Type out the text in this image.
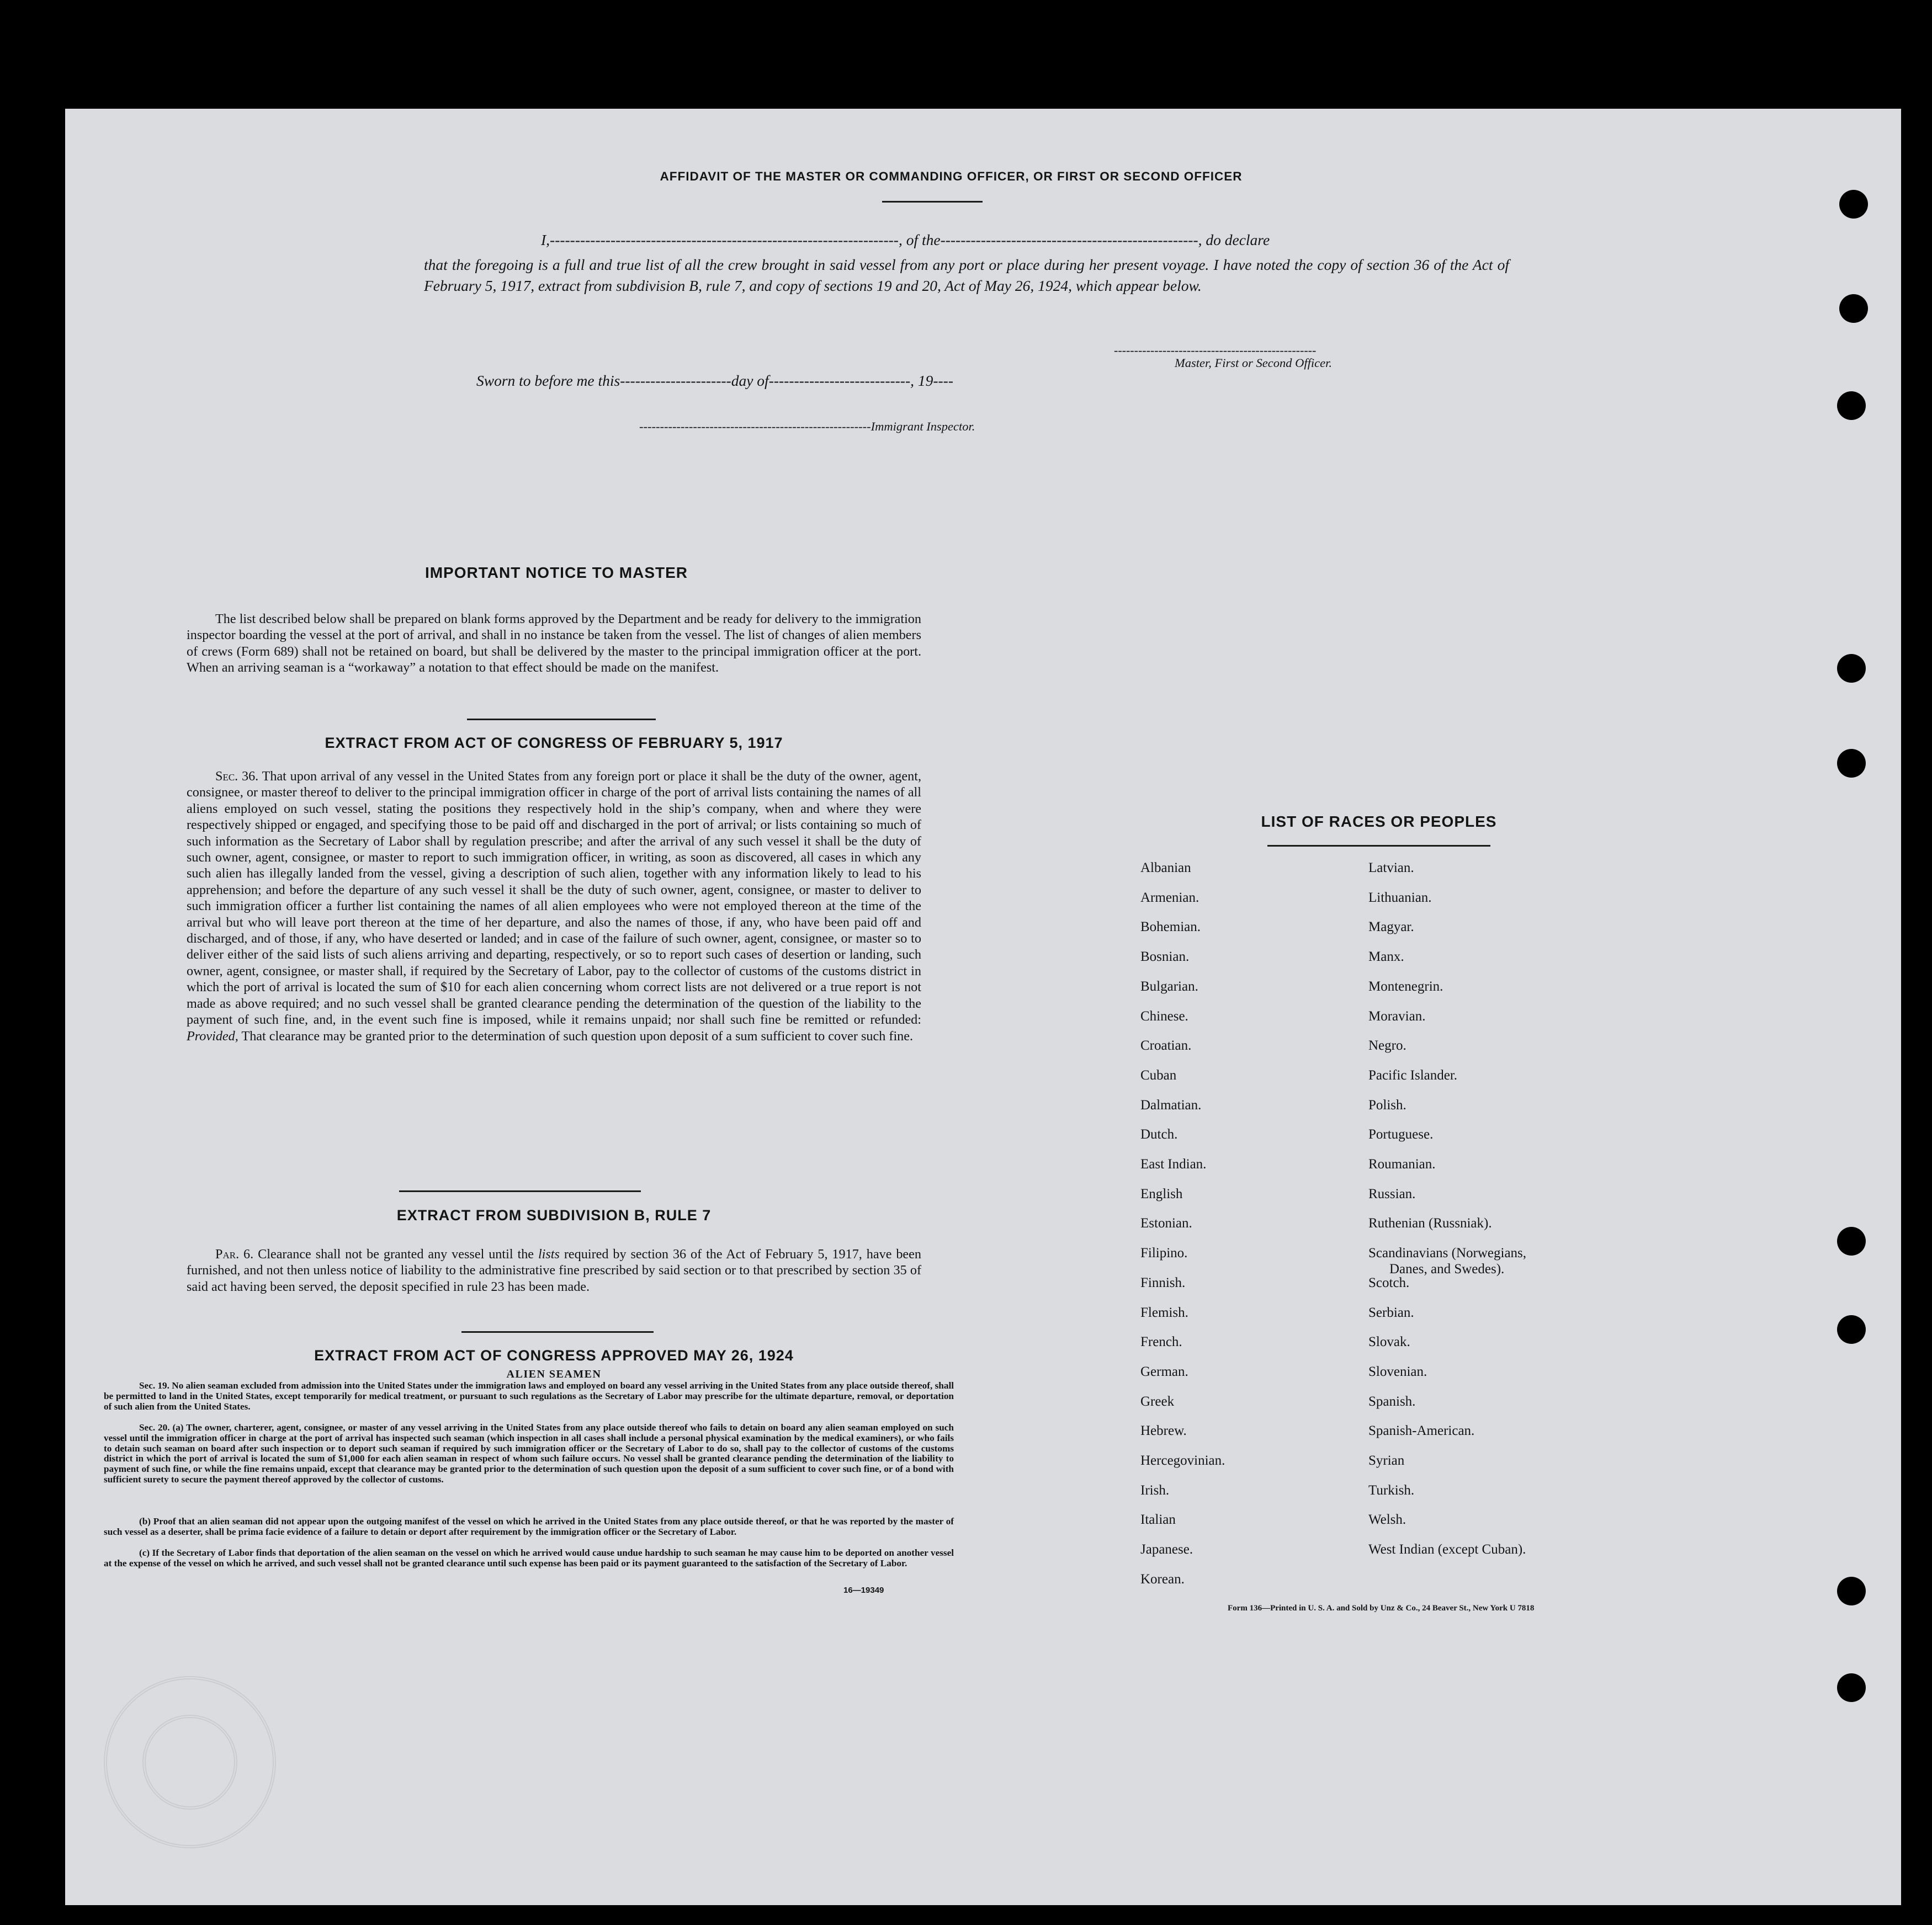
AFFIDAVIT OF THE MASTER OR COMMANDING OFFICER, OR FIRST OR SECOND OFFICER
I,---------------------------------------------------------------------, of the---------------------------------------------------, do declare
that the foregoing is a full and true list of all the crew brought in said vessel from any port or place during her present voyage. I have noted the copy of section 36 of the Act of February 5, 1917, extract from subdivision B, rule 7, and copy of sections 19 and 20, Act of May 26, 1924, which appear below.
--------------------------------------------------
Master, First or Second Officer.
Sworn to before me this----------------------day of----------------------------, 19----
--------------------------------------------------------Immigrant Inspector.
IMPORTANT NOTICE TO MASTER
The list described below shall be prepared on blank forms approved by the Department and be ready for delivery to the immigration inspector boarding the vessel at the port of arrival, and shall in no instance be taken from the vessel. The list of changes of alien members of crews (Form 689) shall not be retained on board, but shall be delivered by the master to the principal immigration officer at the port. When an arriving seaman is a “workaway” a notation to that effect should be made on the manifest.
EXTRACT FROM ACT OF CONGRESS OF FEBRUARY 5, 1917
Sec. 36. That upon arrival of any vessel in the United States from any foreign port or place it shall be the duty of the owner, agent, consignee, or master thereof to deliver to the principal immigration officer in charge of the port of arrival lists containing the names of all aliens employed on such vessel, stating the positions they respectively hold in the ship’s company, when and where they were respectively shipped or engaged, and specifying those to be paid off and discharged in the port of arrival; or lists containing so much of such information as the Secretary of Labor shall by regulation prescribe; and after the arrival of any such vessel it shall be the duty of such owner, agent, consignee, or master to report to such immigration officer, in writing, as soon as discovered, all cases in which any such alien has illegally landed from the vessel, giving a description of such alien, together with any information likely to lead to his apprehension; and before the departure of any such vessel it shall be the duty of such owner, agent, consignee, or master to deliver to such immigration officer a further list containing the names of all alien employees who were not employed thereon at the time of the arrival but who will leave port thereon at the time of her departure, and also the names of those, if any, who have been paid off and discharged, and of those, if any, who have deserted or landed; and in case of the failure of such owner, agent, consignee, or master so to deliver either of the said lists of such aliens arriving and departing, respectively, or so to report such cases of desertion or landing, such owner, agent, consignee, or master shall, if required by the Secretary of Labor, pay to the collector of customs of the customs district in which the port of arrival is located the sum of $10 for each alien concerning whom correct lists are not delivered or a true report is not made as above required; and no such vessel shall be granted clearance pending the determination of the question of the liability to the payment of such fine, and, in the event such fine is imposed, while it remains unpaid; nor shall such fine be remitted or refunded: Provided, That clearance may be granted prior to the determination of such question upon deposit of a sum sufficient to cover such fine.
EXTRACT FROM SUBDIVISION B, RULE 7
Par. 6. Clearance shall not be granted any vessel until the lists required by section 36 of the Act of February 5, 1917, have been furnished, and not then unless notice of liability to the administrative fine prescribed by said section or to that prescribed by section 35 of said act having been served, the deposit specified in rule 23 has been made.
EXTRACT FROM ACT OF CONGRESS APPROVED MAY 26, 1924
ALIEN SEAMEN
Sec. 19. No alien seaman excluded from admission into the United States under the immigration laws and employed on board any vessel arriving in the United States from any place outside thereof, shall be permitted to land in the United States, except temporarily for medical treatment, or pursuant to such regulations as the Secretary of Labor may prescribe for the ultimate departure, removal, or deportation of such alien from the United States.
Sec. 20. (a) The owner, charterer, agent, consignee, or master of any vessel arriving in the United States from any place outside thereof who fails to detain on board any alien seaman employed on such vessel until the immigration officer in charge at the port of arrival has inspected such seaman (which inspection in all cases shall include a personal physical examination by the medical examiners), or who fails to detain such seaman on board after such inspection or to deport such seaman if required by such immigration officer or the Secretary of Labor to do so, shall pay to the collector of customs of the customs district in which the port of arrival is located the sum of $1,000 for each alien seaman in respect of whom such failure occurs. No vessel shall be granted clearance pending the determination of the liability to payment of such fine, or while the fine remains unpaid, except that clearance may be granted prior to the determination of such question upon the deposit of a sum sufficient to cover such fine, or of a bond with sufficient surety to secure the payment thereof approved by the collector of customs.
(b) Proof that an alien seaman did not appear upon the outgoing manifest of the vessel on which he arrived in the United States from any place outside thereof, or that he was reported by the master of such vessel as a deserter, shall be prima facie evidence of a failure to detain or deport after requirement by the immigration officer or the Secretary of Labor.
(c) If the Secretary of Labor finds that deportation of the alien seaman on the vessel on which he arrived would cause undue hardship to such seaman he may cause him to be deported on another vessel at the expense of the vessel on which he arrived, and such vessel shall not be granted clearance until such expense has been paid or its payment guaranteed to the satisfaction of the Secretary of Labor.
16—19349
LIST OF RACES OR PEOPLES
Albanian
Armenian.
Bohemian.
Bosnian.
Bulgarian.
Chinese.
Croatian.
Cuban
Dalmatian.
Dutch.
East Indian.
English
Estonian.
Filipino.
Finnish.
Flemish.
French.
German.
Greek
Hebrew.
Hercegovinian.
Irish.
Italian
Japanese.
Korean.
Latvian.
Lithuanian.
Magyar.
Manx.
Montenegrin.
Moravian.
Negro.
Pacific Islander.
Polish.
Portuguese.
Roumanian.
Russian.
Ruthenian (Russniak).
Scandinavians (Norwegians,
Danes, and Swedes).
Scotch.
Serbian.
Slovak.
Slovenian.
Spanish.
Spanish-American.
Syrian
Turkish.
Welsh.
West Indian (except Cuban).
Form 136—Printed in U. S. A. and Sold by Unz & Co., 24 Beaver St., New York U 7818
